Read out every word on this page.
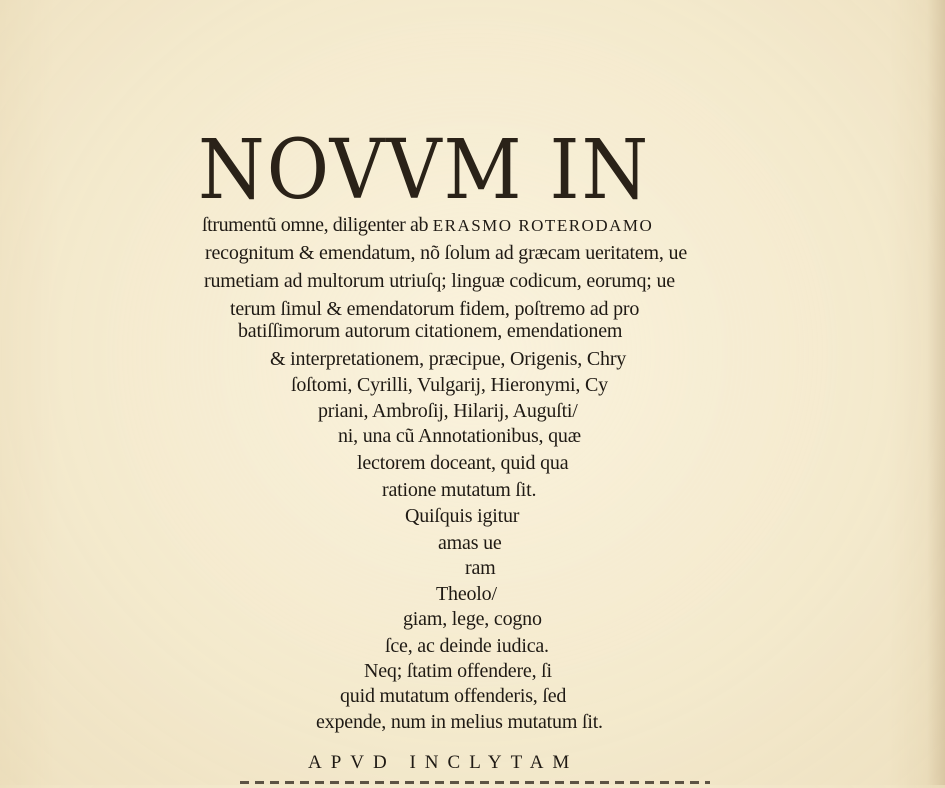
NOVVM IN
ſtrumentũ omne, diligenter ab ERASMO ROTERODAMO
recognitum & emendatum, nõ ſolum ad græcam ueritatem, ue
rumetiam ad multorum utriuſq; linguæ codicum, eorumq; ue
terum ſimul & emendatorum fidem, poſtremo ad pro
batiſſimorum autorum citationem, emendationem
& interpretationem, præcipue, Origenis, Chry
ſoſtomi, Cyrilli, Vulgarij, Hieronymi, Cy
priani, Ambroſij, Hilarij, Auguſti/
ni, una cũ Annotationibus, quæ
lectorem doceant, quid qua
ratione mutatum ſit.
Quiſquis igitur
amas ue
ram
Theolo/
giam, lege, cogno
ſce, ac deinde iudica.
Neq; ſtatim offendere, ſi
quid mutatum offenderis, ſed
expende, num in melius mutatum ſit.
APVD INCLYTAM
